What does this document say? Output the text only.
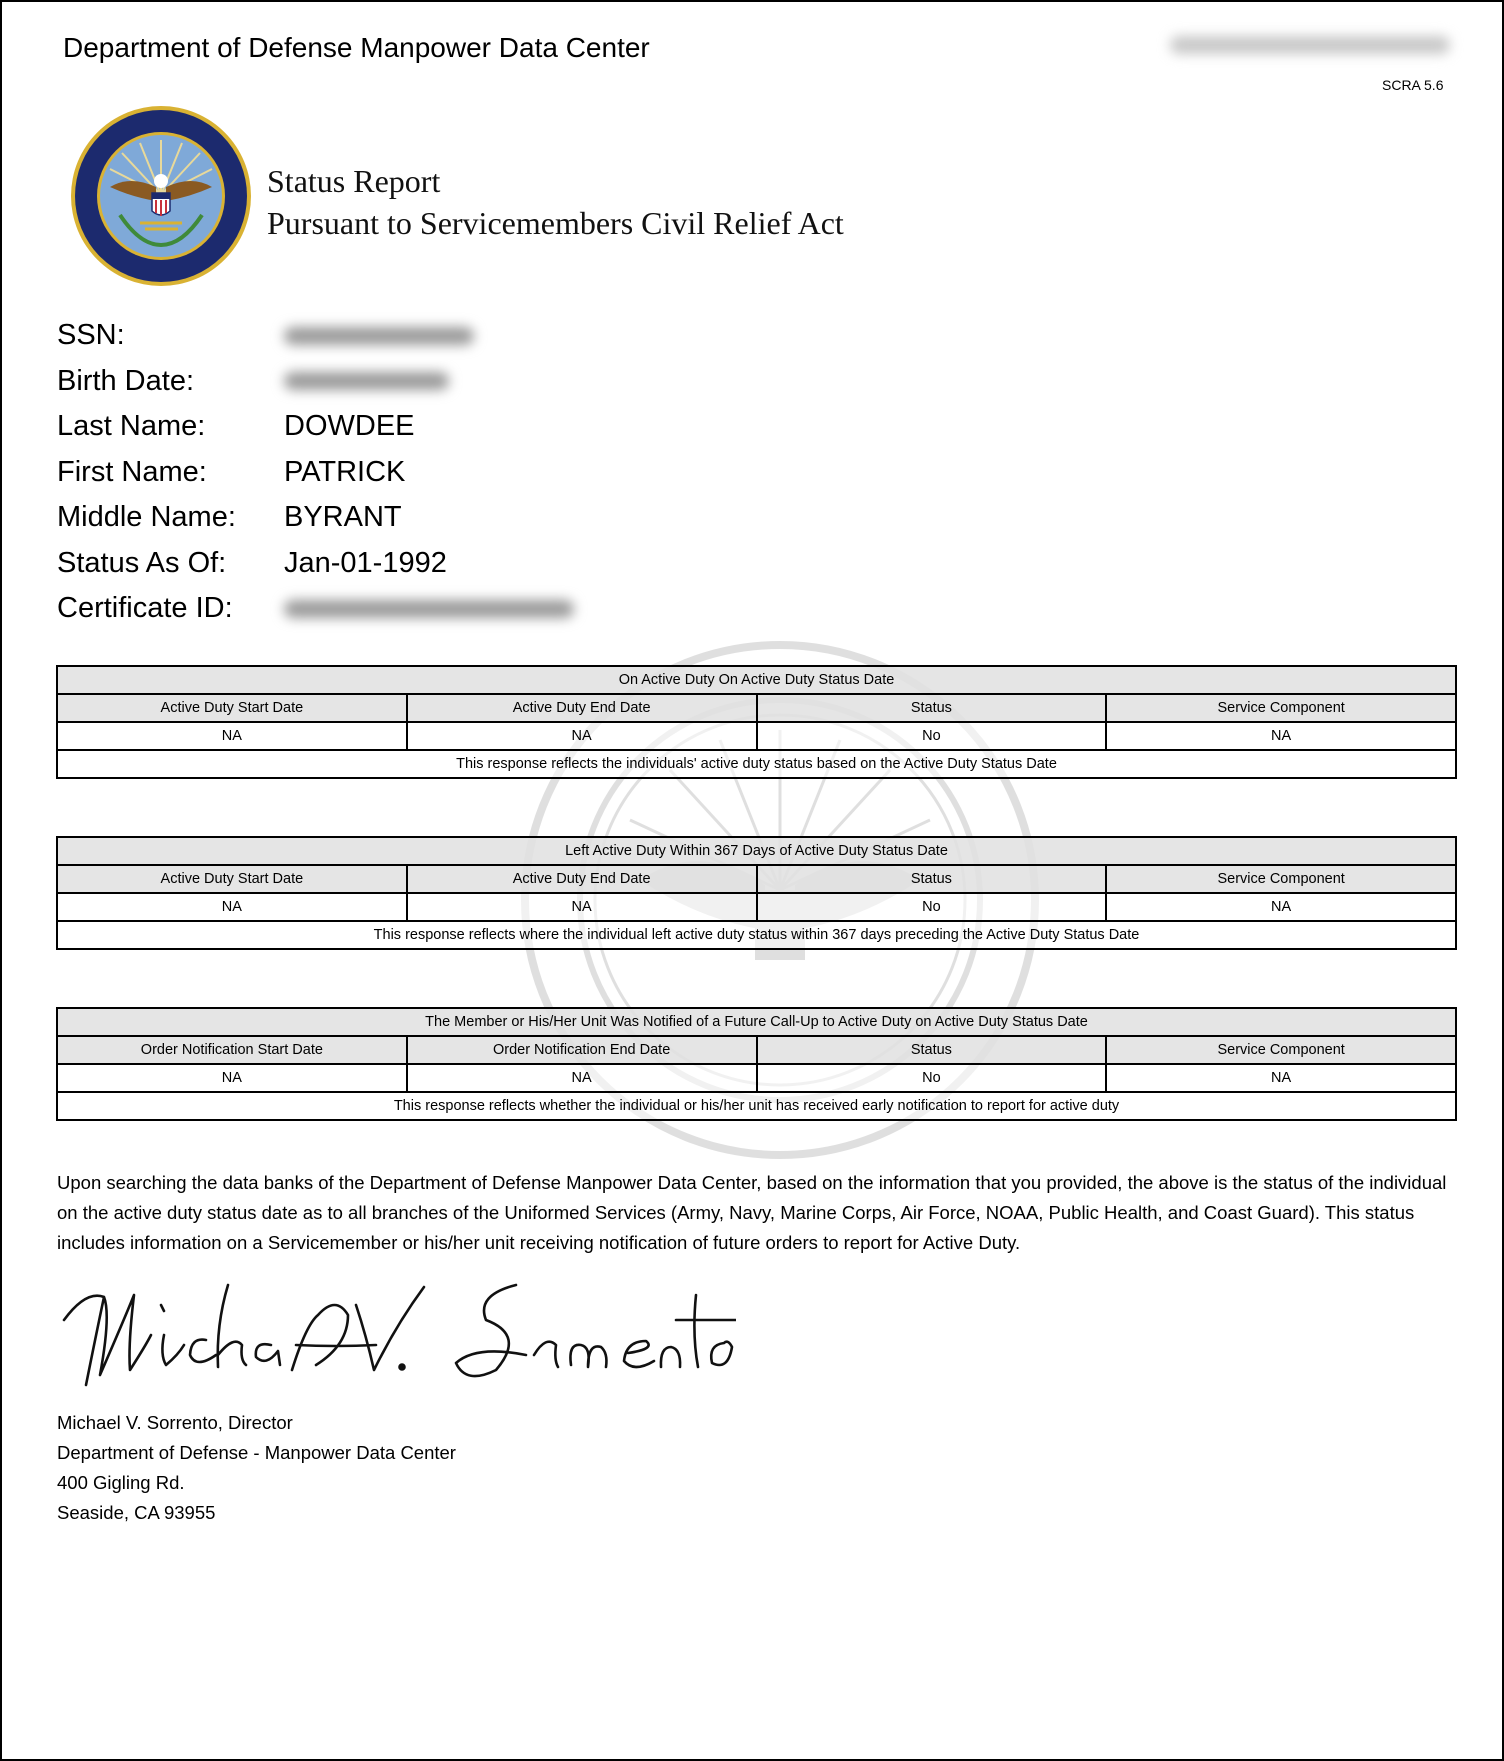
Department of Defense Manpower Data Center
SCRA 5.6
Status Report
Pursuant to Servicemembers Civil Relief Act
SSN:
Birth Date:
Last Name:	DOWDEE
First Name:	PATRICK
Middle Name:	BYRANT
Status As Of:	Jan-01-1992
Certificate ID:
On Active Duty On Active Duty Status Date			
Active Duty Start Date	Active Duty End Date	Status	Service Component
NA	NA	No	NA
This response reflects the individuals' active duty status based on the Active Duty Status Date			
Left Active Duty Within 367 Days of Active Duty Status Date			
Active Duty Start Date	Active Duty End Date	Status	Service Component
NA	NA	No	NA
This response reflects where the individual left active duty status within 367 days preceding the Active Duty Status Date			
The Member or His/Her Unit Was Notified of a Future Call-Up to Active Duty on Active Duty Status Date			
Order Notification Start Date	Order Notification End Date	Status	Service Component
NA	NA	No	NA
This response reflects whether the individual or his/her unit has received early notification to report for active duty			
Upon searching the data banks of the Department of Defense Manpower Data Center, based on the information that you provided, the above is the status of the individual on the active duty status date as to all branches of the Uniformed Services (Army, Navy, Marine Corps, Air Force, NOAA, Public Health, and Coast Guard). This status includes information on a Servicemember or his/her unit receiving notification of future orders to report for Active Duty.
Michael V. Sorrento, Director
Department of Defense - Manpower Data Center
400 Gigling Rd.
Seaside, CA 93955
